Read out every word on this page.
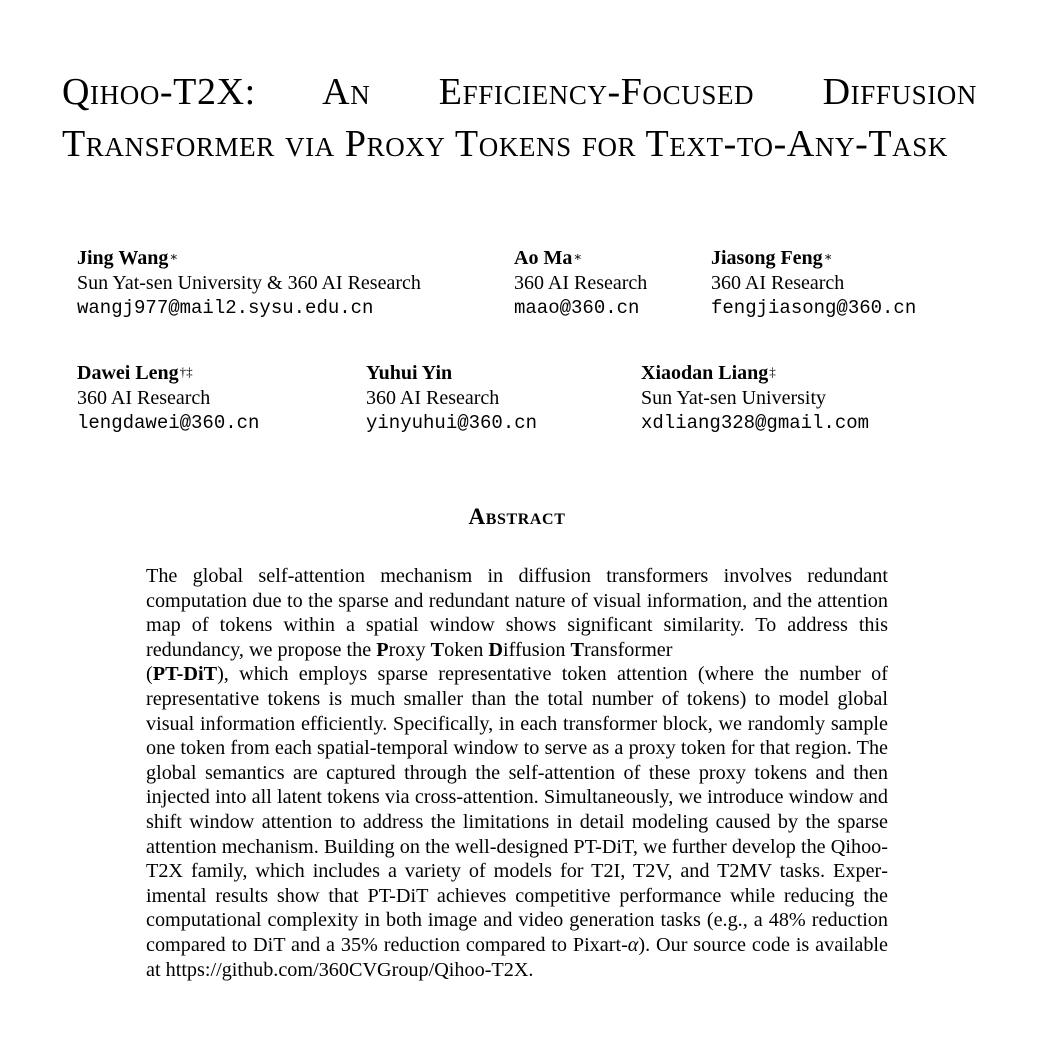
Qihoo-T2X: An Efficiency-Focused Diffusion Transformer via Proxy Tokens for Text-to-Any-Task
Jing Wang∗
Sun Yat-sen University & 360 AI Research
wangj977@mail2.sysu.edu.cn
Ao Ma∗
360 AI Research
maao@360.cn
Jiasong Feng∗
360 AI Research
fengjiasong@360.cn
Dawei Leng†‡
360 AI Research
lengdawei@360.cn
Yuhui Yin
360 AI Research
yinyuhui@360.cn
Xiaodan Liang‡
Sun Yat-sen University
xdliang328@gmail.com
Abstract

The global self-attention mechanism in diffusion transformers involves redundant computation due to the sparse and redundant nature of visual information, and the attention map of tokens within a spatial window shows significant similarity. To address this redundancy, we propose the Proxy Token Diffusion Transformer
(PT-DiT), which employs sparse representative token attention (where the number of representative tokens is much smaller than the total number of tokens) to model global visual information efficiently. Specifically, in each transformer block, we randomly sample one token from each spatial-temporal window to serve as a proxy token for that region. The global semantics are captured through the self-attention of these proxy tokens and then injected into all latent tokens via cross-attention. Simultaneously, we introduce window and shift window attention to address the limitations in detail modeling caused by the sparse attention mechanism. Building on the well-designed PT-DiT, we further develop the Qihoo-T2X family, which includes a variety of models for T2I, T2V, and T2MV tasks. Experimental results show that PT-DiT achieves competitive performance while reducing the computational complexity in both image and video generation tasks (e.g., a 48% reduction compared to DiT and a 35% reduction compared to Pixart-α). Our source code is available at https://github.com/360CVGroup/Qihoo-T2X.
